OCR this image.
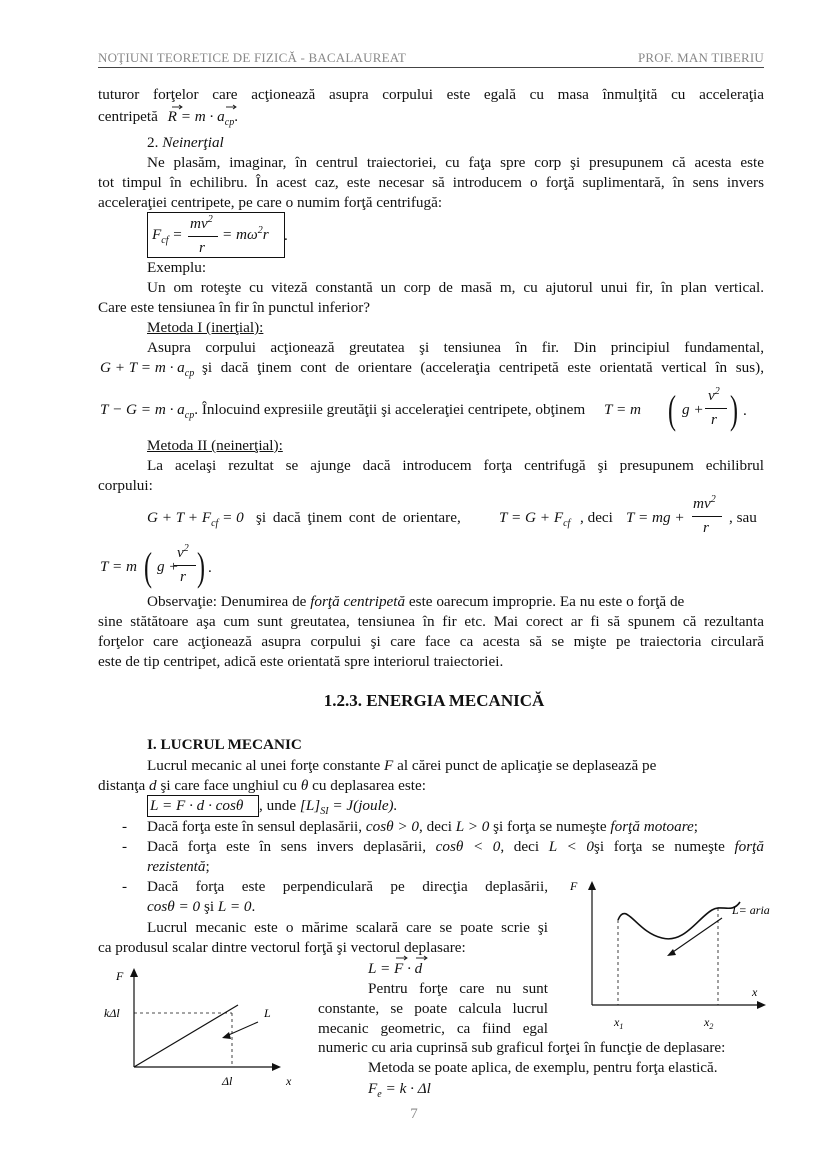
NOŢIUNI TEORETICE DE FIZICĂ - BACALAUREAT	PROF. MAN TIBERIU
tuturor forţelor care acţionează asupra corpului este egală cu masa înmulţită cu acceleraţia
centripetă $R = m \cdot a_{cp}$.
2. Neinerţial
Ne plasăm, imaginar, în centrul traiectoriei, cu faţa spre corp şi presupunem că acesta este
tot timpul în echilibru. În acest caz, este necesar să introducem o forţă suplimentară, în sens invers
acceleraţiei centripete, pe care o numim forţă centrifugă:
$F_{cf}$ =
$mv^2$
r
= $m\omega^2r$ .
Exemplu:
Un om roteşte cu viteză constantă un corp de masă m, cu ajutorul unui fir, în plan vertical.
Care este tensiunea în fir în punctul inferior?
Metoda I (inerţial):
Asupra corpului acţionează greutatea şi tensiunea în fir. Din principiul fundamental,
$G + T = m \cdot a_{cp}$ şi dacă ţinem cont de orientare (acceleraţia centripetă este orientată vertical în sus),
$T - G = m \cdot a_{cp}$. Înlocuind expresiile greutăţii şi acceleraţiei centripete, obţinem T = m ( g +
$v^2$
r ) .
Metoda II (neinerţial):
La acelaşi rezultat se ajunge dacă introducem forţa centrifugă şi presupunem echilibrul
corpului:
$G + T + F_{cf} = 0$ şi dacă ţinem cont de orientare,	$T = G + F_{cf}$ , deci T = mg +
$mv^2$
r
, sau
T = m ( g +
$v^2$
r ) .
Observaţie: Denumirea de forţă centripetă este oarecum improprie. Ea nu este o forţă de
sine stătătoare aşa cum sunt greutatea, tensiunea în fir etc. Mai corect ar fi să spunem că rezultanta
forţelor care acţionează asupra corpului şi care face ca acesta să se mişte pe traiectoria circulară
este de tip centripet, adică este orientată spre interiorul traiectoriei.
1.2.3. ENERGIA MECANICĂ
I. LUCRUL MECANIC
Lucrul mecanic al unei forţe constante F al cărei punct de aplicaţie se deplasează pe
distanţa d şi care face unghiul cu θ cu deplasarea este:
L = F · d · cosθ , unde $[L]_{SI}$ = J(joule).
- Dacă forţa este în sensul deplasării, cosθ > 0, deci L > 0 şi forţa se numeşte forţă motoare;
- Dacă forţa este în sens invers deplasării, cosθ < 0, deci L < 0şi forţa se numeşte forţă
rezistentă;
- Dacă forţa este perpendiculară pe direcţia deplasării,
cosθ = 0 şi L = 0.
Lucrul mecanic este o mărime scalară care se poate scrie şi
ca produsul scalar dintre vectorul forţă şi vectorul deplasare:
L = F · d
Pentru forţe care nu sunt
constante, se poate calcula lucrul
mecanic geometric, ca fiind egal
numeric cu aria cuprinsă sub graficul forţei în funcţie de deplasare:
Metoda se poate aplica, de exemplu, pentru forţa elastică.
$F_e = k \cdot \Delta l$
F
x
kΔl
Δl
L
F
x
L= aria
$x_1$	$x_2$
7
